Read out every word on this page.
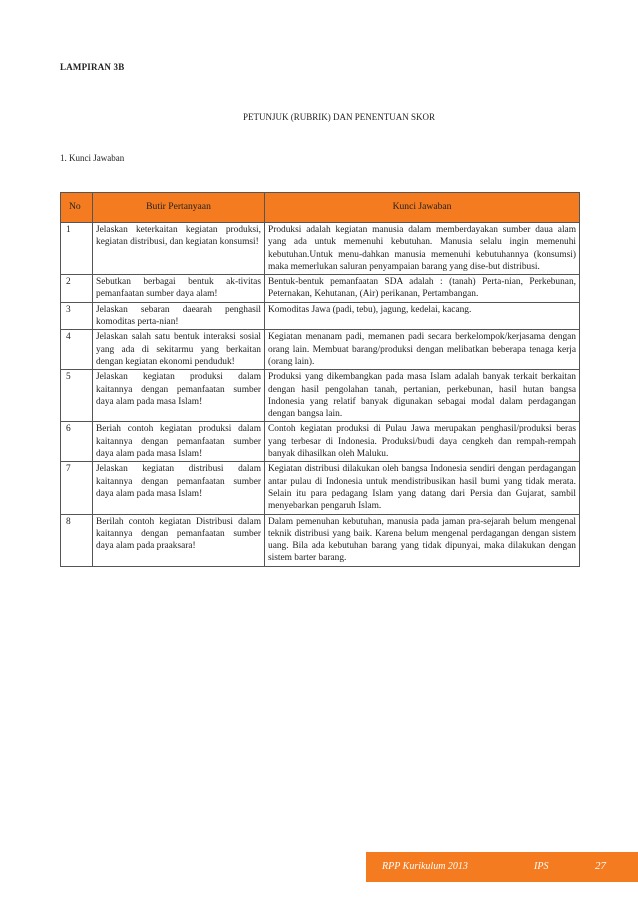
LAMPIRAN 3B
PETUNJUK (RUBRIK) DAN PENENTUAN SKOR
1. Kunci Jawaban
No	Butir Pertanyaan	Kunci Jawaban
1	Jelaskan keterkaitan kegiatan produksi, kegiatan distribusi, dan kegiatan konsumsi!	Produksi adalah kegiatan manusia dalam memberdayakan sumber daua alam yang ada untuk memenuhi kebutuhan. Manusia selalu ingin memenuhi kebutuhan.Untuk menu-dahkan manusia memenuhi kebutuhannya (konsumsi) maka memerlukan saluran penyampaian barang yang dise-but distribusi.
2	Sebutkan berbagai bentuk ak-tivitas pemanfaatan sumber daya alam!	Bentuk-bentuk pemanfaatan SDA adalah : (tanah) Perta-nian, Perkebunan, Peternakan, Kehutanan, (Air) perikanan, Pertambangan.
3	Jelaskan sebaran daearah penghasil komoditas perta-nian!	Komoditas Jawa (padi, tebu), jagung, kedelai, kacang.
4	Jelaskan salah satu bentuk interaksi sosial yang ada di sekitarmu yang berkaitan dengan kegiatan ekonomi penduduk!	Kegiatan menanam padi, memanen padi secara berkelompok/kerjasama dengan orang lain. Membuat barang/produksi dengan melibatkan beberapa tenaga kerja (orang lain).
5	Jelaskan kegiatan produksi dalam kaitannya dengan pemanfaatan sumber daya alam pada masa Islam!	Produksi yang dikembangkan pada masa Islam adalah banyak terkait berkaitan dengan hasil pengolahan tanah, pertanian, perkebunan, hasil hutan bangsa Indonesia yang relatif banyak digunakan sebagai modal dalam perdagangan dengan bangsa lain.
6	Beriah contoh kegiatan produksi dalam kaitannya dengan pemanfaatan sumber daya alam pada masa Islam!	Contoh kegiatan produksi di Pulau Jawa merupakan penghasil/produksi beras yang terbesar di Indonesia. Produksi/budi daya cengkeh dan rempah-rempah banyak dihasilkan oleh Maluku.
7	Jelaskan kegiatan distribusi dalam kaitannya dengan pemanfaatan sumber daya alam pada masa Islam!	Kegiatan distribusi dilakukan oleh bangsa Indonesia sendiri dengan perdagangan antar pulau di Indonesia untuk mendistribusikan hasil bumi yang tidak merata. Selain itu para pedagang Islam yang datang dari Persia dan Gujarat, sambil menyebarkan pengaruh Islam.
8	Berilah contoh kegiatan Distribusi dalam kaitannya dengan pemanfaatan sumber daya alam pada praaksara!	Dalam pemenuhan kebutuhan, manusia pada jaman pra-sejarah belum mengenal teknik distribusi yang baik. Karena belum mengenal perdagangan dengan sistem uang. Bila ada kebutuhan barang yang tidak dipunyai, maka dilakukan dengan sistem barter barang.
RPP Kurikulum 2013	IPS	27
